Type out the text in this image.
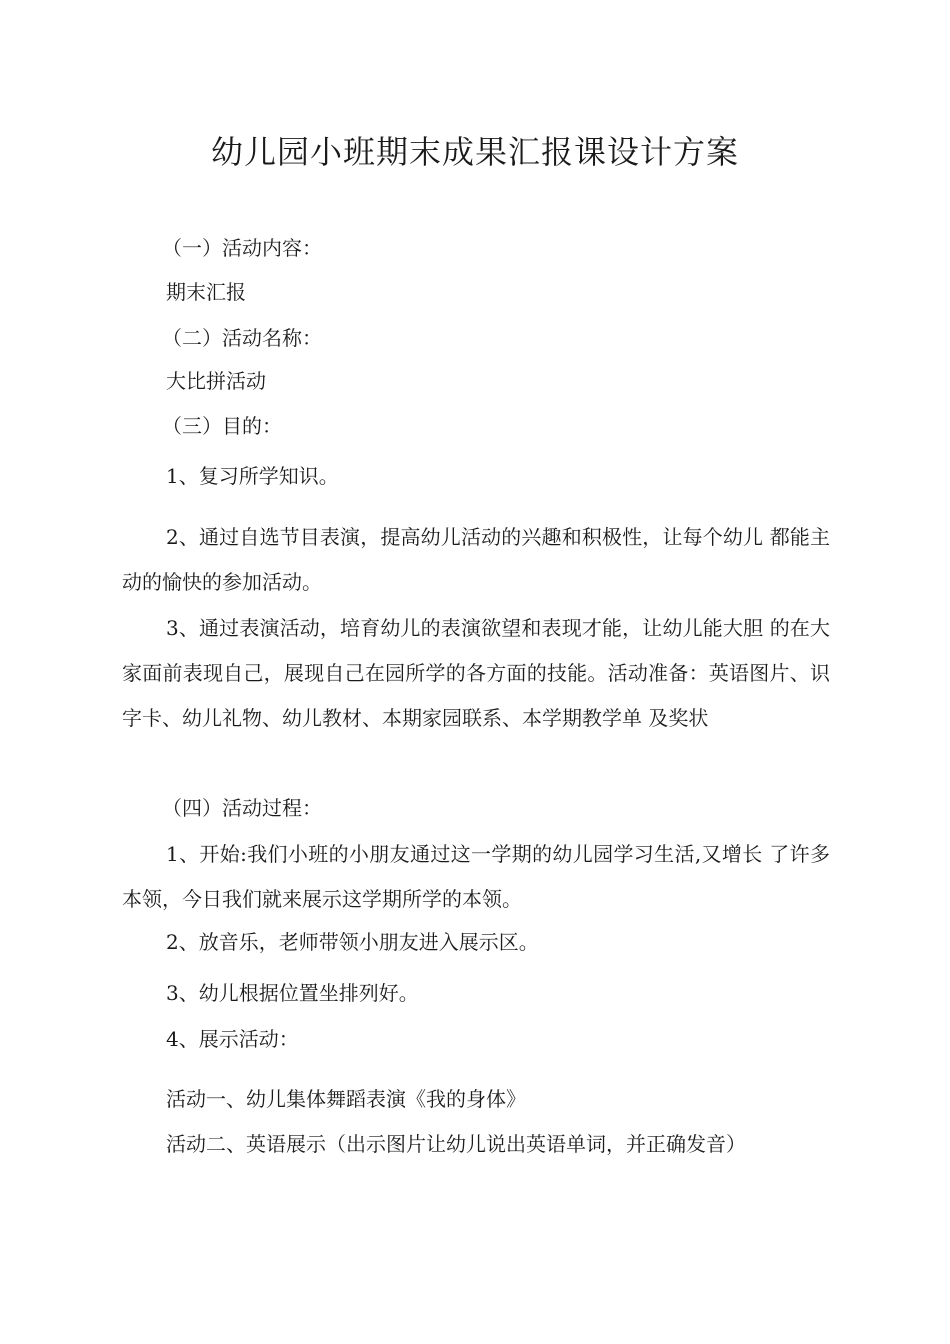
幼儿园小班期末成果汇报课设计方案
（一）活动内容：
期末汇报
（二）活动名称：
大比拼活动
（三）目的：
1、复习所学知识。
2、通过自选节目表演，提高幼儿活动的兴趣和积极性，让每个幼儿 都能主动的愉快的参加活动。
3、通过表演活动，培育幼儿的表演欲望和表现才能，让幼儿能大胆 的在大家面前表现自己，展现自己在园所学的各方面的技能。活动准备：英语图片、识字卡、幼儿礼物、幼儿教材、本期家园联系、本学期教学单 及奖状
（四）活动过程：
1、开始:我们小班的小朋友通过这一学期的幼儿园学习生活,又增长 了许多本领，今日我们就来展示这学期所学的本领。
2、放音乐，老师带领小朋友进入展示区。
3、幼儿根据位置坐排列好。
4、展示活动：
活动一、幼儿集体舞蹈表演《我的身体》
活动二、英语展示（出示图片让幼儿说出英语单词，并正确发音）
